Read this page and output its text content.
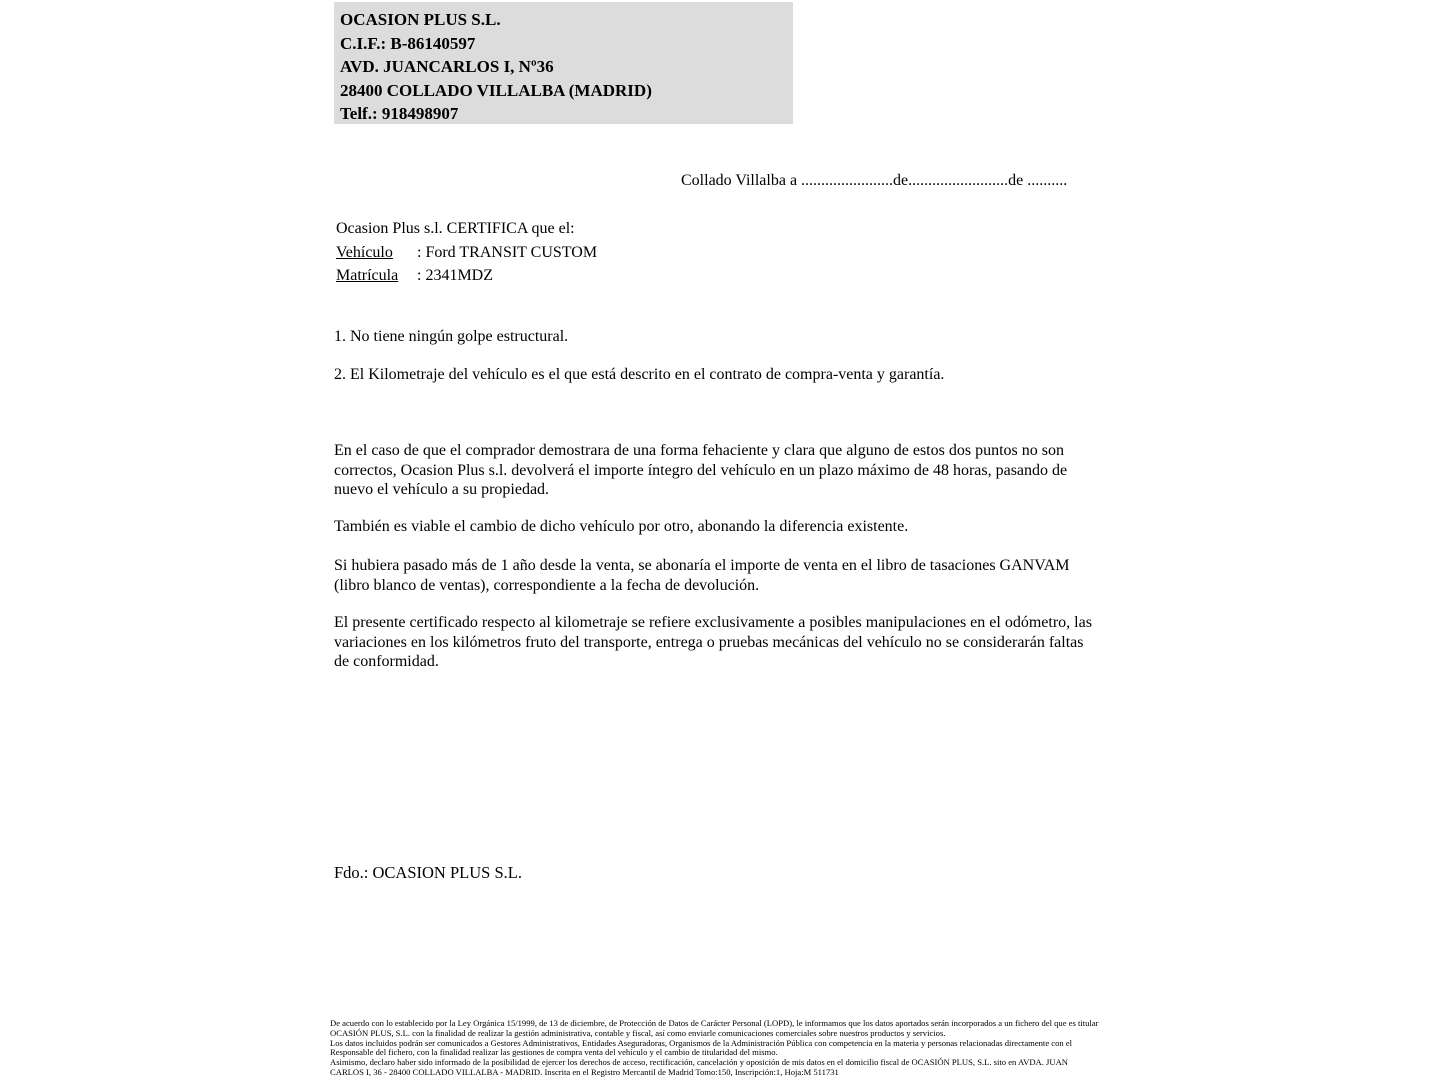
OCASION PLUS S.L.
C.I.F.: B-86140597
AVD. JUANCARLOS I, Nº36
28400 COLLADO VILLALBA (MADRID)
Telf.: 918498907
Collado Villalba a .......................de.........................de ..........
Ocasion Plus s.l. CERTIFICA que el:
Vehículo : Ford TRANSIT CUSTOM
Matrícula : 2341MDZ
1. No tiene ningún golpe estructural.
2. El Kilometraje del vehículo es el que está descrito en el contrato de compra-venta y garantía.
En el caso de que el comprador demostrara de una forma fehaciente y clara que alguno de estos dos puntos no son correctos, Ocasion Plus s.l. devolverá el importe íntegro del vehículo en un plazo máximo de 48 horas, pasando de nuevo el vehículo a su propiedad.
También es viable el cambio de dicho vehículo por otro, abonando la diferencia existente.
Si hubiera pasado más de 1 año desde la venta, se abonaría el importe de venta en el libro de tasaciones GANVAM (libro blanco de ventas), correspondiente a la fecha de devolución.
El presente certificado respecto al kilometraje se refiere exclusivamente a posibles manipulaciones en el odómetro, las variaciones en los kilómetros fruto del transporte, entrega o pruebas mecánicas del vehículo no se considerarán faltas de conformidad.
Fdo.: OCASION PLUS S.L.
De acuerdo con lo establecido por la Ley Orgánica 15/1999, de 13 de diciembre, de Protección de Datos de Carácter Personal (LOPD), le informamos que los datos aportados serán incorporados a un fichero del que es titular
OCASIÓN PLUS, S.L. con la finalidad de realizar la gestión administrativa, contable y fiscal, así como enviarle comunicaciones comerciales sobre nuestros productos y servicios.
Los datos incluidos podrán ser comunicados a Gestores Administrativos, Entidades Aseguradoras, Organismos de la Administración Pública con competencia en la materia y personas relacionadas directamente con el
Responsable del fichero, con la finalidad realizar las gestiones de compra venta del vehículo y el cambio de titularidad del mismo.
Asimismo, declaro haber sido informado de la posibilidad de ejercer los derechos de acceso, rectificación, cancelación y oposición de mis datos en el domicilio fiscal de OCASIÓN PLUS, S.L. sito en AVDA. JUAN
CARLOS I, 36 - 28400 COLLADO VILLALBA - MADRID. Inscrita en el Registro Mercantil de Madrid Tomo:150, Inscripción:1, Hoja:M 511731
